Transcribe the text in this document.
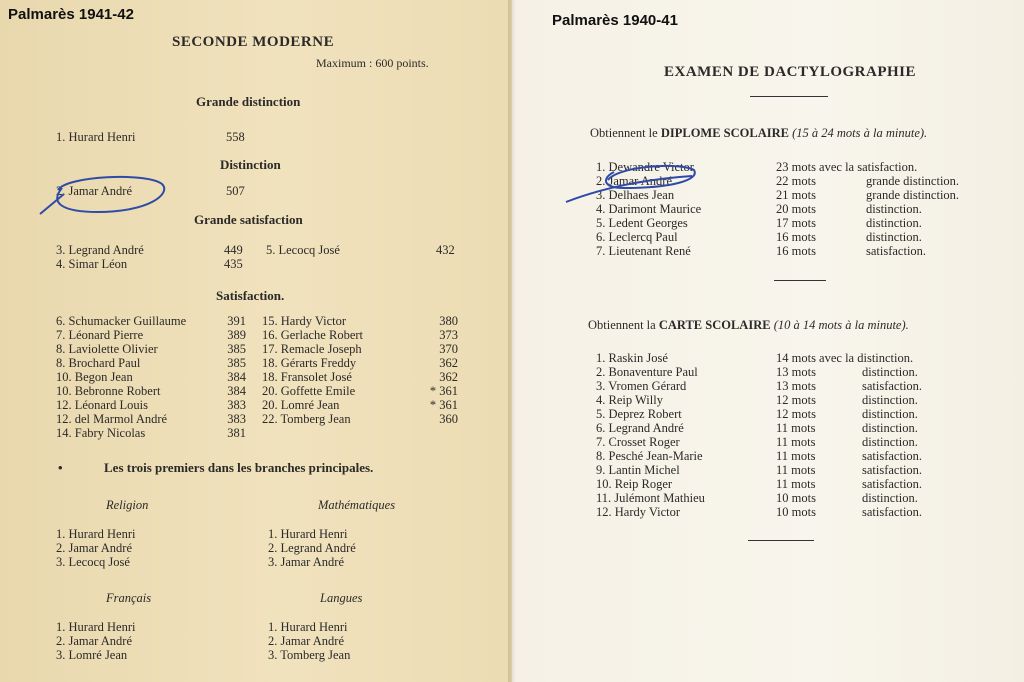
Palmarès 1941-42
SECONDE MODERNE
Maximum : 600 points.
Grande distinction
1. Hurard Henri	558
Distinction
2. Jamar André	507
Grande satisfaction
3. Legrand André	449
4. Simar Léon	435
5. Lecocq José	432
Satisfaction.
6. Schumacker Guillaume	391
7. Léonard Pierre	389
8. Laviolette Olivier	385
8. Brochard Paul	385
10. Begon Jean	384
10. Bebronne Robert	384
12. Léonard Louis	383
12. del Marmol André	383
14. Fabry Nicolas	381
15. Hardy Victor	380
16. Gerlache Robert	373
17. Remacle Joseph	370
18. Gérarts Freddy	362
18. Fransolet José	362
20. Goffette Emile	* 361
20. Lomré Jean	* 361
22. Tomberg Jean	360
•	Les trois premiers dans les branches principales.
Religion
1. Hurard Henri
2. Jamar André
3. Lecocq José
Mathématiques
1. Hurard Henri
2. Legrand André
3. Jamar André
Français
1. Hurard Henri
2. Jamar André
3. Lomré Jean
Langues
1. Hurard Henri
2. Jamar André
3. Tomberg Jean
Palmarès 1940-41
EXAMEN DE DACTYLOGRAPHIE
Obtiennent le DIPLOME SCOLAIRE (15 à 24 mots à la minute).
1. Dewandre Victor	23 mots avec la satisfaction.
2. Jamar André	22 mots	grande distinction.
3. Delhaes Jean	21 mots	grande distinction.
4. Darimont Maurice	20 mots	distinction.
5. Ledent Georges	17 mots	distinction.
6. Leclercq Paul	16 mots	distinction.
7. Lieutenant René	16 mots	satisfaction.
Obtiennent la CARTE SCOLAIRE (10 à 14 mots à la minute).
1. Raskin José	14 mots avec la distinction.
2. Bonaventure Paul	13 mots	distinction.
3. Vromen Gérard	13 mots	satisfaction.
4. Reip Willy	12 mots	distinction.
5. Deprez Robert	12 mots	distinction.
6. Legrand André	11 mots	distinction.
7. Crosset Roger	11 mots	distinction.
8. Pesché Jean-Marie	11 mots	satisfaction.
9. Lantin Michel	11 mots	satisfaction.
10. Reip Roger	11 mots	satisfaction.
11. Julémont Mathieu	10 mots	distinction.
12. Hardy Victor	10 mots	satisfaction.
